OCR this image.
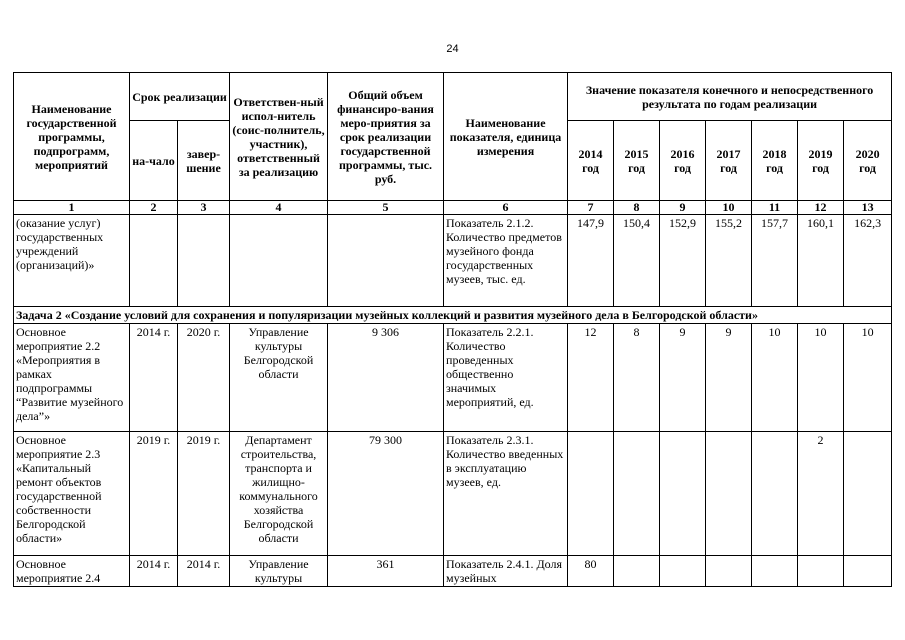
24
Наименование государственной программы, подпрограмм, мероприятий	Срок реализации		Ответствен-ный испол-нитель (соис-полнитель, участник), ответственный за реализацию	Общий объем финансиро-вания меро-приятия за срок реализации государственной программы, тыс. руб.	Наименование показателя, единица измерения	Значение показателя конечного и непосредственного результата по годам реализации						
	на-чало	завер-шение				2014 год	2015 год	2016 год	2017 год	2018 год	2019 год	2020 год
1	2	3	4	5	6	7	8	9	10	11	12	13
(оказание услуг) государственных учреждений (организаций)»					Показатель 2.1.2. Количество предметов музейного фонда государственных музеев, тыс. ед.	147,9	150,4	152,9	155,2	157,7	160,1	162,3
Задача 2 «Создание условий для сохранения и популяризации музейных коллекций и развития музейного дела в Белгородской области»												
Основное мероприятие 2.2 «Мероприятия в рамках подпрограммы “Развитие музейного дела”»	2014 г.	2020 г.	Управление культуры Белгородской области	9 306	Показатель 2.2.1. Количество проведенных общественно значимых мероприятий, ед.	12	8	9	9	10	10	10
Основное мероприятие 2.3 «Капитальный ремонт объектов государственной собственности Белгородской области»	2019 г.	2019 г.	Департамент строительства, транспорта и жилищно-коммунального хозяйства Белгородской области	79 300	Показатель 2.3.1. Количество введенных в эксплуатацию музеев, ед.						2	
Основное мероприятие 2.4	2014 г.	2014 г.	Управление культуры	361	Показатель 2.4.1. Доля музейных	80						
